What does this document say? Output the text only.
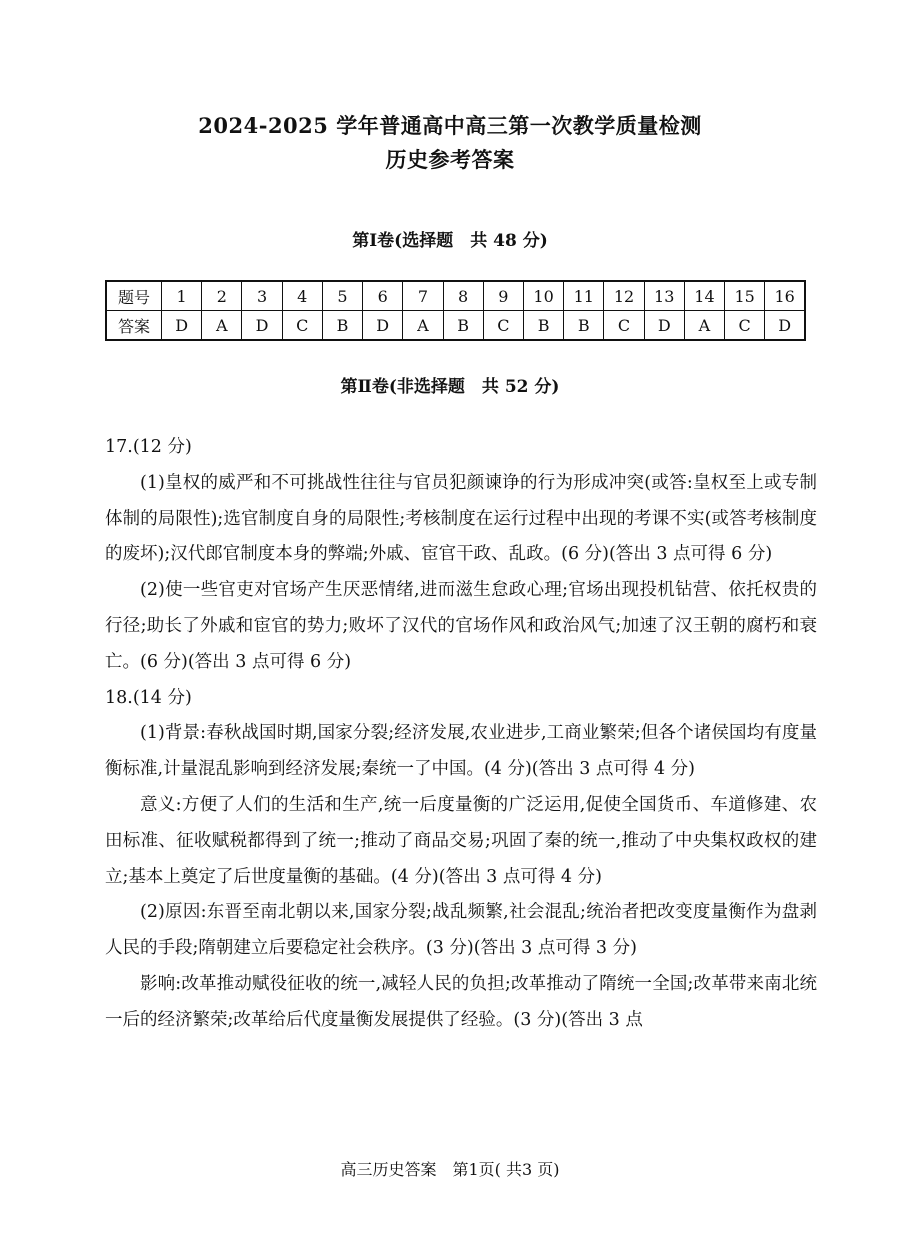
2024-2025 学年普通高中高三第一次教学质量检测
历史参考答案
第Ⅰ卷(选择题　共 48 分)
题号	1	2	3	4	5	6	7	8	9	10	11	12	13	14	15	16
答案	D	A	D	C	B	D	A	B	C	B	B	C	D	A	C	D
第Ⅱ卷(非选择题　共 52 分)

17.(12 分)

(1)皇权的威严和不可挑战性往往与官员犯颜谏诤的行为形成冲突(或答:皇权至上或专制体制的局限性);选官制度自身的局限性;考核制度在运行过程中出现的考课不实(或答考核制度的废坏);汉代郎官制度本身的弊端;外戚、宦官干政、乱政。(6 分)(答出 3 点可得 6 分)

(2)使一些官吏对官场产生厌恶情绪,进而滋生怠政心理;官场出现投机钻营、依托权贵的行径;助长了外戚和宦官的势力;败坏了汉代的官场作风和政治风气;加速了汉王朝的腐朽和衰亡。(6 分)(答出 3 点可得 6 分)

18.(14 分)

(1)背景:春秋战国时期,国家分裂;经济发展,农业进步,工商业繁荣;但各个诸侯国均有度量衡标准,计量混乱影响到经济发展;秦统一了中国。(4 分)(答出 3 点可得 4 分)

意义:方便了人们的生活和生产,统一后度量衡的广泛运用,促使全国货币、车道修建、农田标准、征收赋税都得到了统一;推动了商品交易;巩固了秦的统一,推动了中央集权政权的建立;基本上奠定了后世度量衡的基础。(4 分)(答出 3 点可得 4 分)

(2)原因:东晋至南北朝以来,国家分裂;战乱频繁,社会混乱;统治者把改变度量衡作为盘剥人民的手段;隋朝建立后要稳定社会秩序。(3 分)(答出 3 点可得 3 分)

影响:改革推动赋役征收的统一,减轻人民的负担;改革推动了隋统一全国;改革带来南北统一后的经济繁荣;改革给后代度量衡发展提供了经验。(3 分)(答出 3 点

高三历史答案　第1页( 共3 页)
